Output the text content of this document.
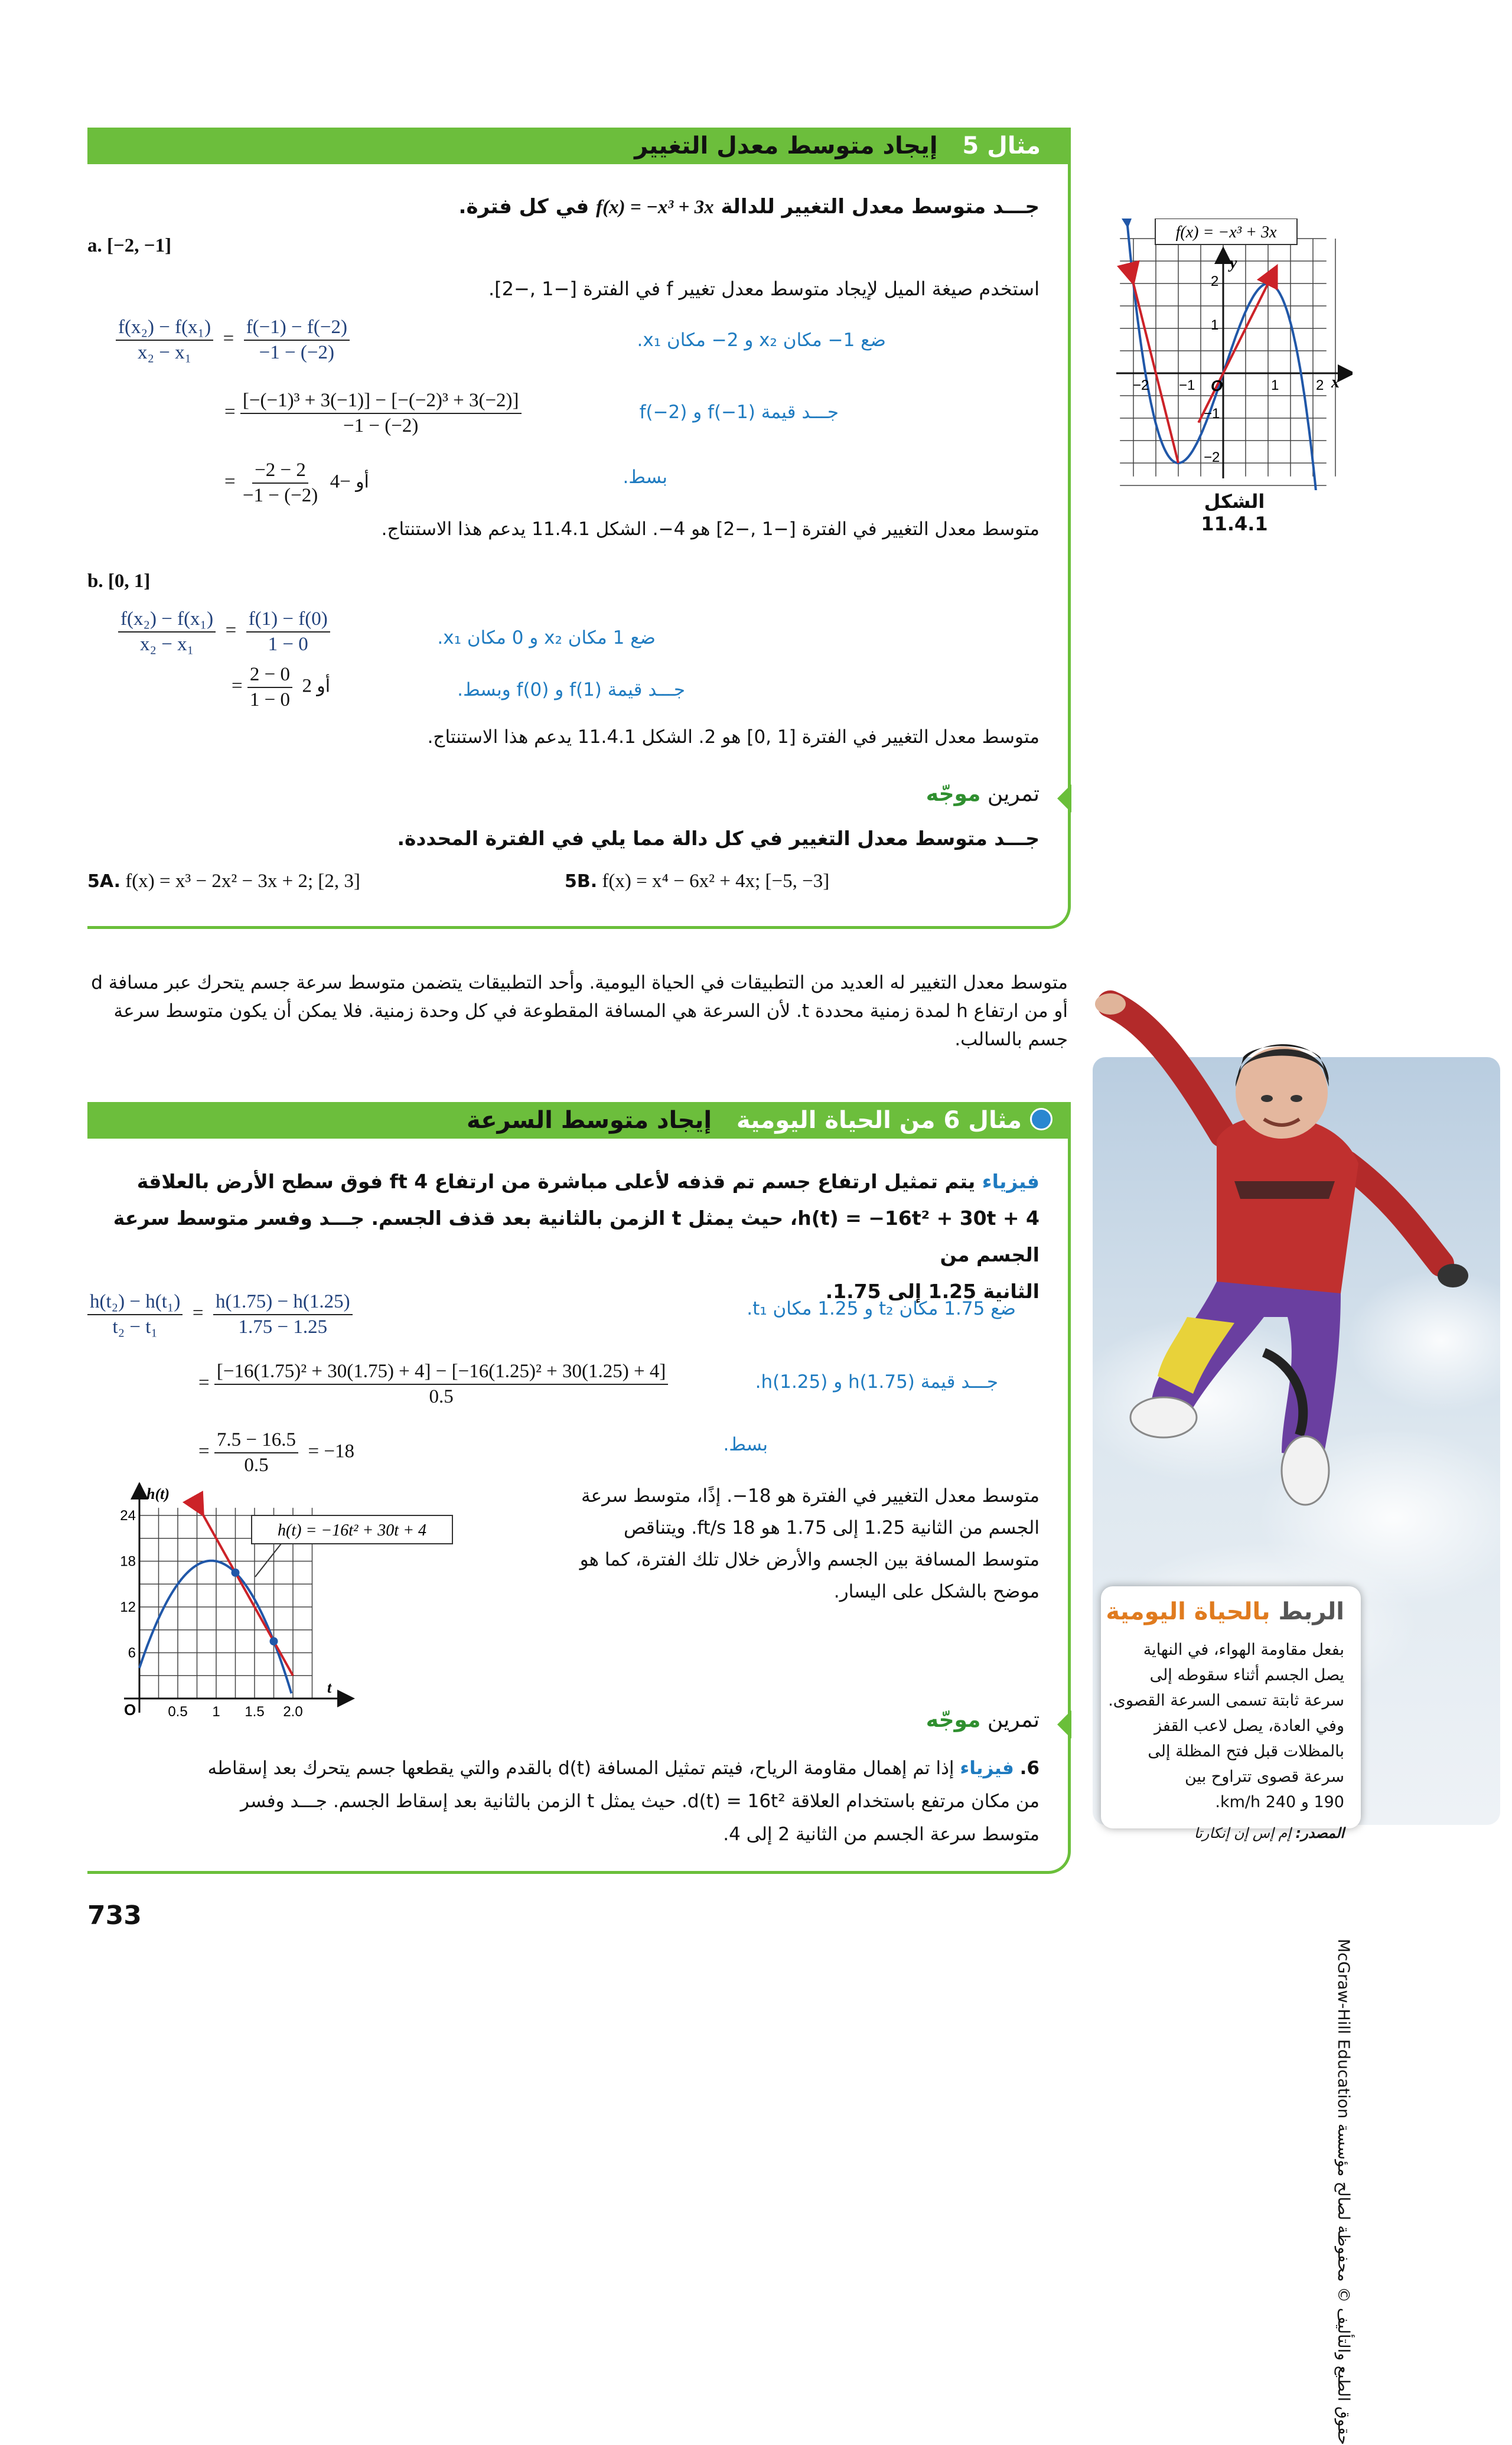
مثال 5   إيجاد متوسط معدل التغيير
جـــد متوسط معدل التغيير للدالة f(x) = −x³ + 3x في كل فترة.
a. [−2, −1]
استخدم صيغة الميل لإيجاد متوسط معدل تغيير f في الفترة [−1 ,−2].
$\frac{\text{f(x₂) − f(x₁)}}{\text{x₂ − x₁}} = \frac{f(-1) - f(-2)}{-1 - (-2)}$	ضع ‎−1‎ مكان x₂ و ‎−2‎ مكان x₁.
= $\frac{\text{[−(−1)³ + 3(−1)] − [−(−2)³ + 3(−2)]}}{-1 - (-2)}$	جـــد قيمة f(−1) و f(−2)
= $\frac{-2 - 2}{-1 - (-2)}$ أو −4	بسط.
متوسط معدل التغيير في الفترة [−1 ,−2] هو ‎−4‎. الشكل 11.4.1 يدعم هذا الاستنتاج.
b. [0, 1]
$\frac{\text{f(x₂) − f(x₁)}}{\text{x₂ − x₁}} = \frac{f(1) - f(0)}{1 - 0}$	ضع 1 مكان x₂ و 0 مكان x₁.
= $\frac{2 - 0}{1 - 0}$ أو 2	جـــد قيمة f(1) و f(0) وبسط.
متوسط معدل التغيير في الفترة [1 ,0] هو 2. الشكل 11.4.1 يدعم هذا الاستنتاج.
تمرين موجّه
جـــد متوسط معدل التغيير في كل دالة مما يلي في الفترة المحددة.
5A. f(x) = x³ − 2x² − 3x + 2; [2, 3]	5B. f(x) = x⁴ − 6x² + 4x; [−5, −3]
f(x) = −x³ + 3x
y
x
O
−2 −1	1	2
2
1
−1
−2
الشكل 11.4.1
متوسط معدل التغيير له العديد من التطبيقات في الحياة اليومية. وأحد التطبيقات يتضمن متوسط سرعة جسم يتحرك عبر مسافة d أو من ارتفاع h لمدة زمنية محددة t. لأن السرعة هي المسافة المقطوعة في كل وحدة زمنية. فلا يمكن أن يكون متوسط سرعة جسم بالسالب.
مثال 6 من الحياة اليومية   إيجاد متوسط السرعة
فيزياء يتم تمثيل ارتفاع جسم تم قذفه لأعلى مباشرة من ارتفاع 4 ft فوق سطح الأرض بالعلاقة
h(t) = −16t² + 30t + 4، حيث يمثل t الزمن بالثانية بعد قذف الجسم. جـــد وفسر متوسط سرعة الجسم من
الثانية 1.25 إلى 1.75.
$\frac{\text{h(t₂) − h(t₁)}}{\text{t₂ − t₁}} = \frac{h(1.75) - h(1.25)}{1.75 - 1.25}$	ضع 1.75 مكان t₂ و 1.25 مكان t₁.
= $\frac{\text{[−16(1.75)² + 30(1.75) + 4] − [−16(1.25)² + 30(1.25) + 4]}}{0.5}$	جـــد قيمة h(1.75) و h(1.25).
= $\frac{7.5 - 16.5}{0.5} = -18$	بسط.
متوسط معدل التغيير في الفترة هو ‎−18‎. إذًا، متوسط سرعة
الجسم من الثانية 1.25 إلى 1.75 هو 18 ft/s. ويتناقص
متوسط المسافة بين الجسم والأرض خلال تلك الفترة، كما هو
موضح بالشكل على اليسار.
h(t) = −16t² + 30t + 4
h(t)
t
O 0.5 1 1.5 2.0
6
12
18
24
تمرين موجّه
6. فيزياء إذا تم إهمال مقاومة الرياح، فيتم تمثيل المسافة d(t) بالقدم والتي يقطعها جسم يتحرك بعد إسقاطه
من مكان مرتفع باستخدام العلاقة d(t) = 16t². حيث يمثل t الزمن بالثانية بعد إسقاط الجسم. جـــد وفسر
متوسط سرعة الجسم من الثانية 2 إلى 4.
الربط بالحياة اليومية
بفعل مقاومة الهواء، في النهاية
يصل الجسم أثناء سقوطه إلى
سرعة ثابتة تسمى السرعة القصوى.
وفي العادة، يصل لاعب القفز
بالمظلات قبل فتح المظلة إلى
سرعة قصوى تتراوح بين
190 و 240 km/h.
المصدر: إم إس إن إنكارتا
حقوق الطبع والتأليف © محفوظة لصالح مؤسسة McGraw-Hill Education
733
